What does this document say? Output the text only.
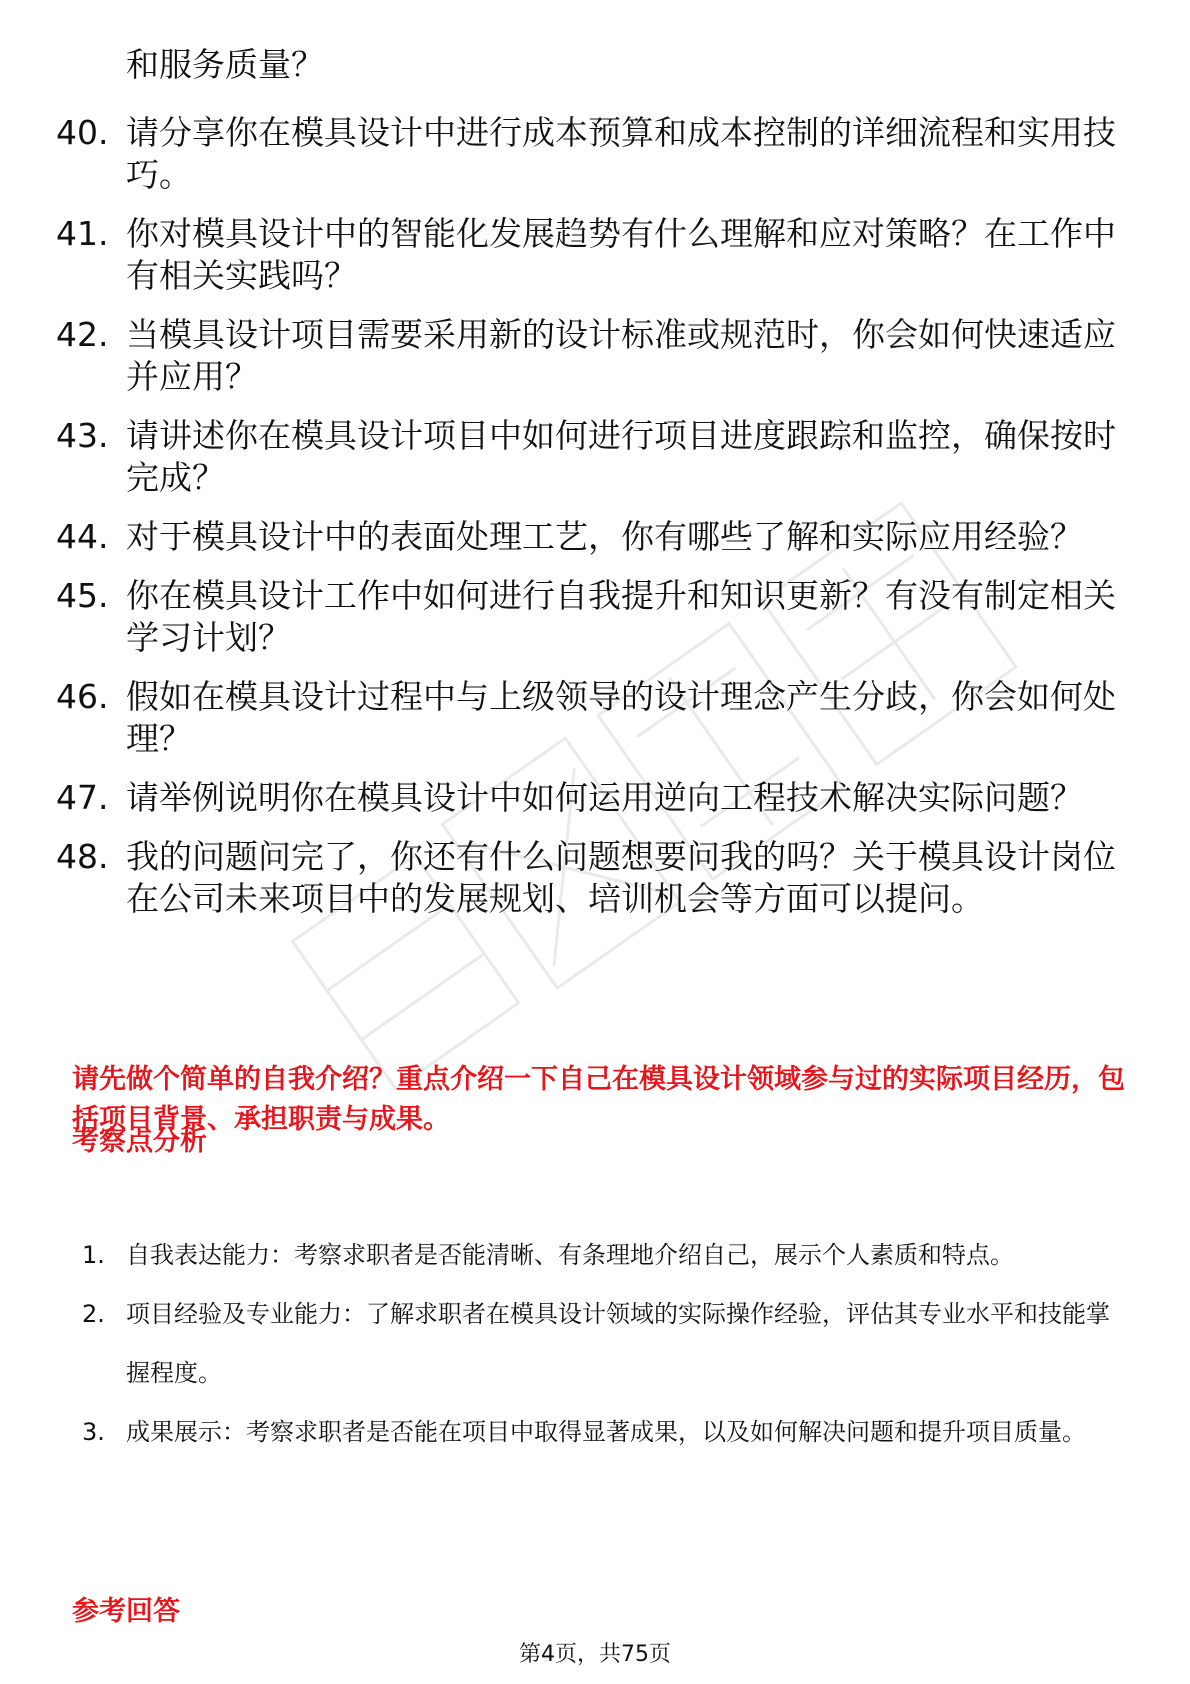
和服务质量？
40. 请分享你在模具设计中进行成本预算和成本控制的详细流程和实用技巧。
41. 你对模具设计中的智能化发展趋势有什么理解和应对策略？在工作中有相关实践吗？
42. 当模具设计项目需要采用新的设计标准或规范时，你会如何快速适应并应用？
43. 请讲述你在模具设计项目中如何进行项目进度跟踪和监控，确保按时完成？
44. 对于模具设计中的表面处理工艺，你有哪些了解和实际应用经验？
45. 你在模具设计工作中如何进行自我提升和知识更新？有没有制定相关学习计划？
46. 假如在模具设计过程中与上级领导的设计理念产生分歧，你会如何处理？
47. 请举例说明你在模具设计中如何运用逆向工程技术解决实际问题？
48. 我的问题问完了，你还有什么问题想要问我的吗？关于模具设计岗位在公司未来项目中的发展规划、培训机会等方面可以提问。
请先做个简单的自我介绍？重点介绍一下自己在模具设计领域参与过的实际项目经历，包括项目背景、承担职责与成果。
考察点分析
1. 自我表达能力：考察求职者是否能清晰、有条理地介绍自己，展示个人素质和特点。
2. 项目经验及专业能力：了解求职者在模具设计领域的实际操作经验，评估其专业水平和技能掌握程度。
3. 成果展示：考察求职者是否能在项目中取得显著成果，以及如何解决问题和提升项目质量。
参考回答
第4页，共75页
